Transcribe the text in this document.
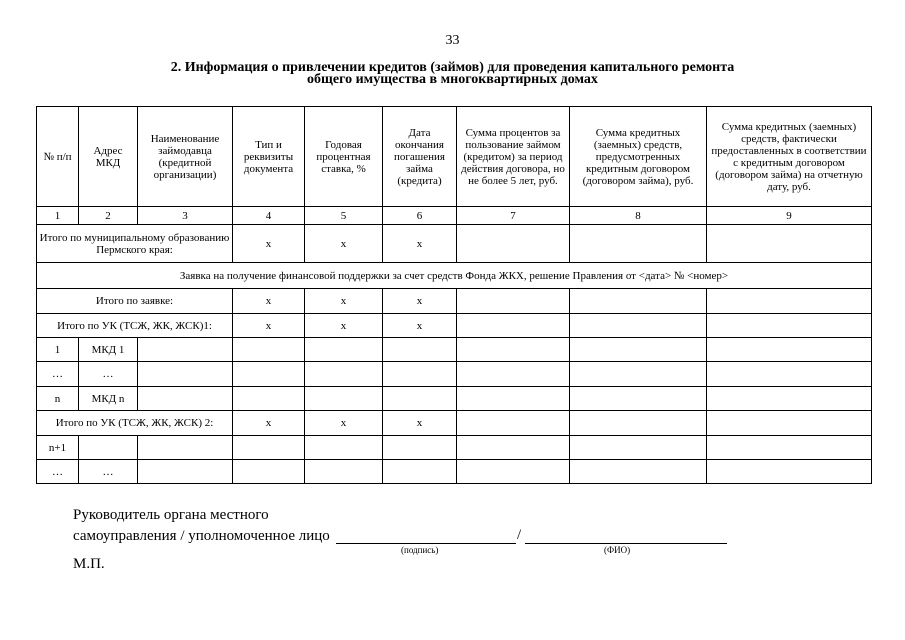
33
2. Информация о привлечении кредитов (займов) для проведения капитального ремонта
общего имущества в многоквартирных домах
№ п/п	Адрес МКД	Наименование займодавца (кредитной организации)	Тип и реквизиты документа	Годовая процентная ставка, %	Дата окончания погашения займа (кредита)	Сумма процентов за пользование займом (кредитом) за период действия договора, но не более 5 лет, руб.	Сумма кредитных (заемных) средств, предусмотренных кредитным договором (договором займа), руб.	Сумма кредитных (заемных) средств, фактически предоставленных в соответствии с кредитным договором (договором займа) на отчетную дату, руб.
1	2	3	4	5	6	7	8	9
Итого по муниципальному образованию Пермского края:			х	х	х			
Заявка на получение финансовой поддержки за счет средств Фонда ЖКХ, решение Правления от <дата> № <номер>								
Итого по заявке:			х	х	х			
Итого по УК (ТСЖ, ЖК, ЖСК)1:			х	х	х			
1	МКД 1							
…	…							
n	МКД n							
Итого по УК (ТСЖ, ЖК, ЖСК) 2:			х	х	х			
n+1								
…	…							
Руководитель органа местного
самоуправления / уполномоченное лицо	/
(подпись)	(ФИО)
М.П.
